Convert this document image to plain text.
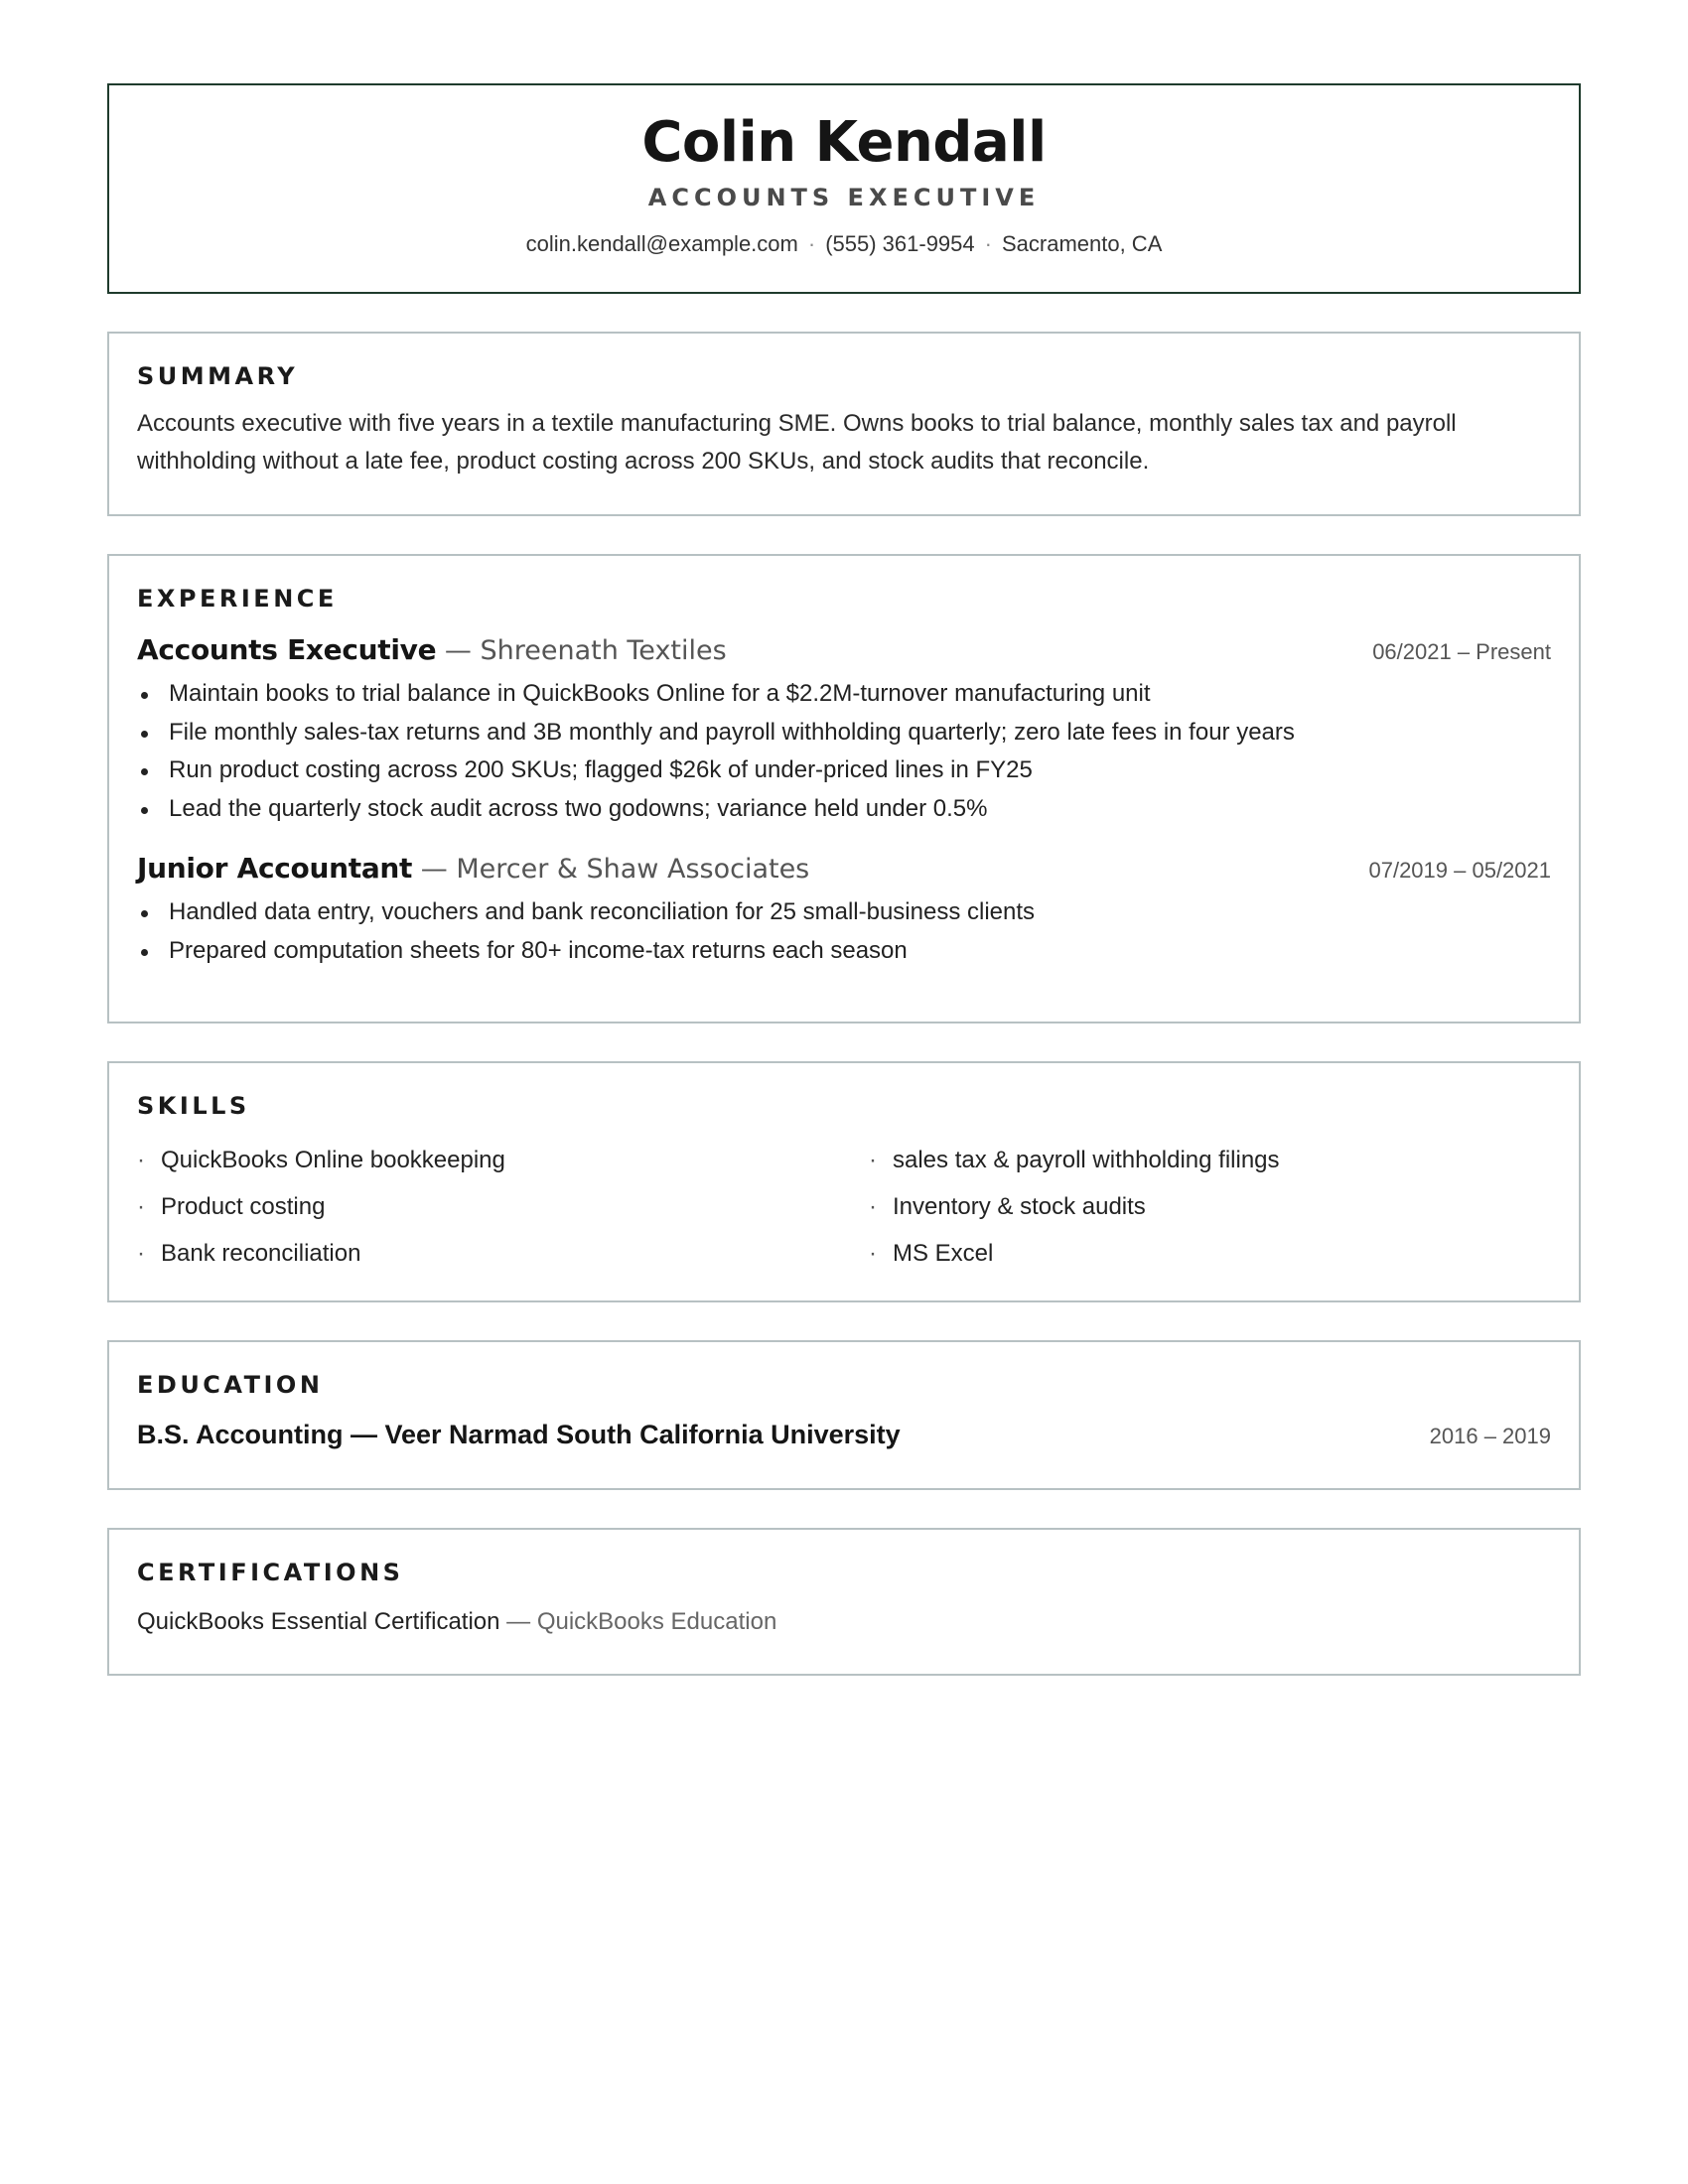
Colin Kendall
ACCOUNTS EXECUTIVE
colin.kendall@example.com · (555) 361-9954 · Sacramento, CA
SUMMARY

Accounts executive with five years in a textile manufacturing SME. Owns books to trial balance, monthly sales tax and payroll withholding without a late fee, product costing across 200 SKUs, and stock audits that reconcile.

EXPERIENCE
Accounts Executive — Shreenath Textiles	06/2021 – Present
Maintain books to trial balance in QuickBooks Online for a $2.2M-turnover manufacturing unit
File monthly sales-tax returns and 3B monthly and payroll withholding quarterly; zero late fees in four years
Run product costing across 200 SKUs; flagged $26k of under-priced lines in FY25
Lead the quarterly stock audit across two godowns; variance held under 0.5%
Junior Accountant — Mercer & Shaw Associates	07/2019 – 05/2021
Handled data entry, vouchers and bank reconciliation for 25 small-business clients
Prepared computation sheets for 80+ income-tax returns each season
SKILLS
· QuickBooks Online bookkeeping	· sales tax & payroll withholding filings
· Product costing	· Inventory & stock audits
· Bank reconciliation	· MS Excel
EDUCATION
B.S. Accounting — Veer Narmad South California University	2016 – 2019
CERTIFICATIONS
QuickBooks Essential Certification — QuickBooks Education
